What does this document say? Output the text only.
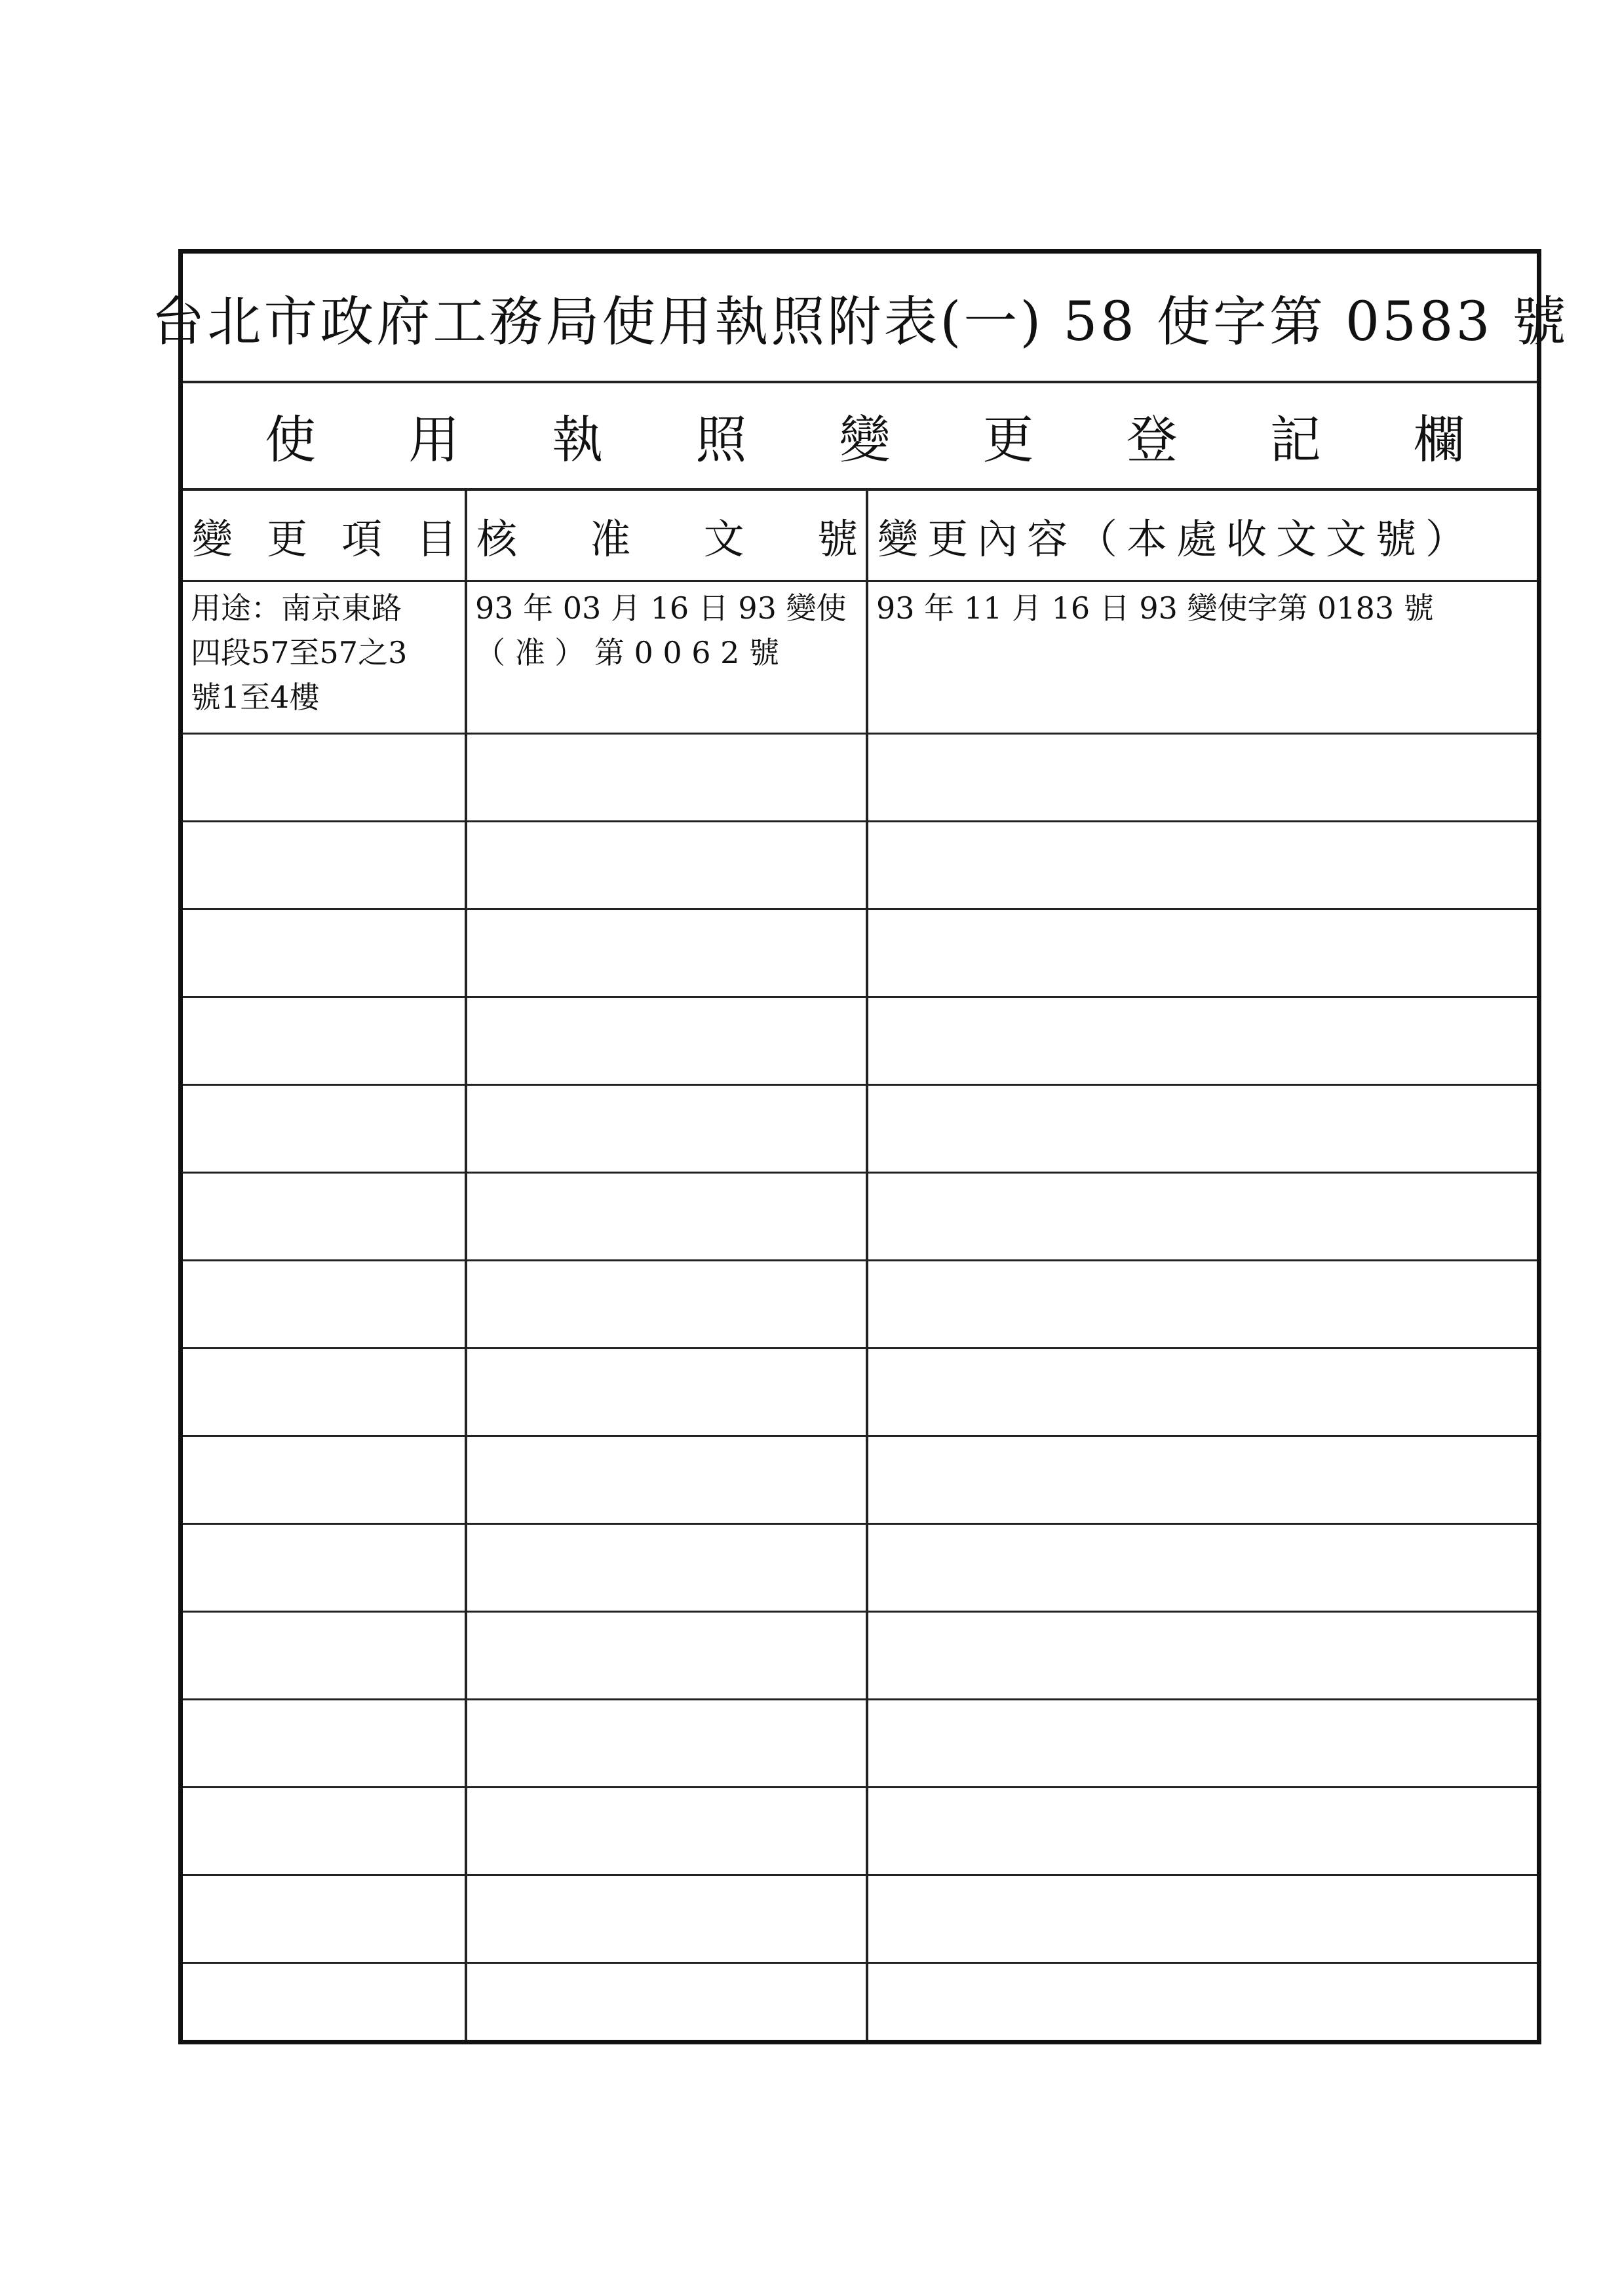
台北市政府工務局使用執照附表(一) 58 使字第 0583 號
使 用 執 照 變 更 登 記 欄
變 更 項 目 核 准 文 號 變更內容（本處收文文號）
用途：南京東路
四段57至57之3
號1至4樓
93 年 03 月 16 日 93 變使
（ 准 ） 第 0 0 6 2 號
93 年 11 月 16 日 93 變使字第 0183 號
